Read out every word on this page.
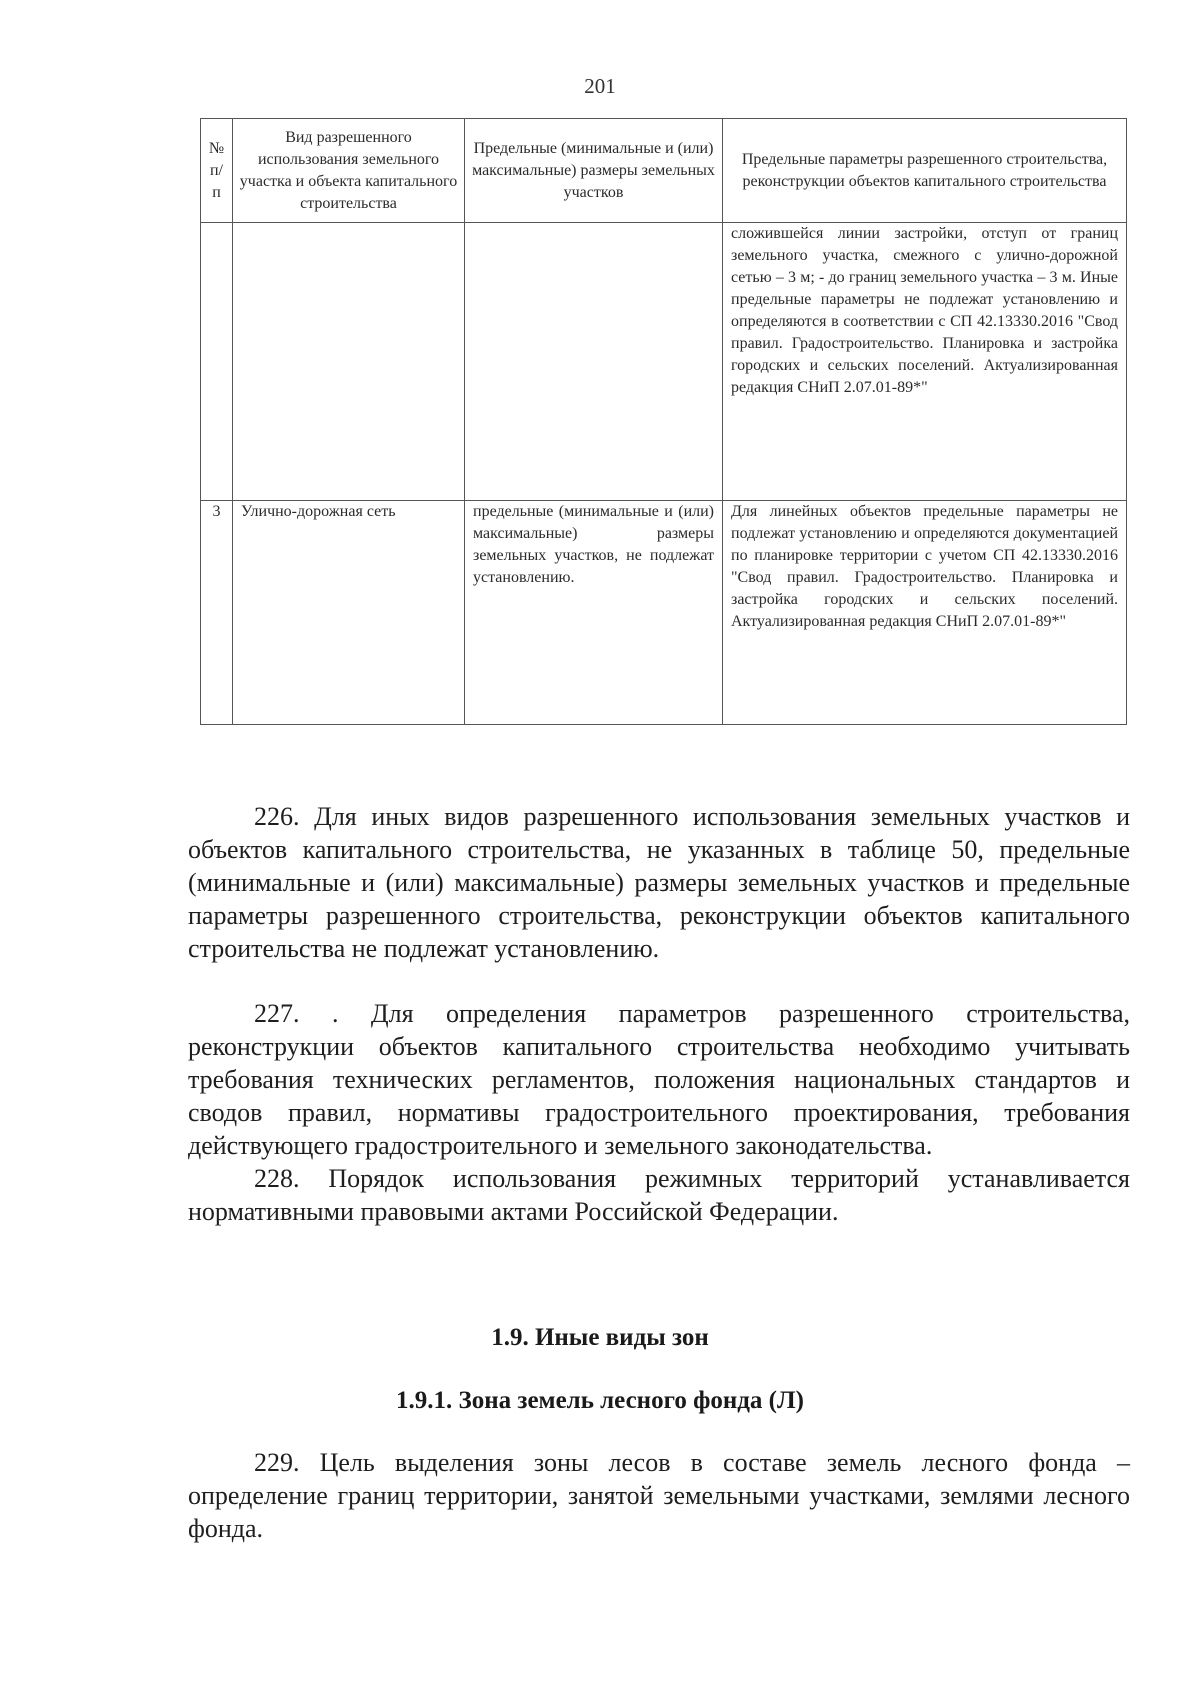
201
№ п/п	Вид разрешенного использования земельного участка и объекта капитального строительства	Предельные (минимальные и (или) максимальные) размеры земельных участков	Предельные параметры разрешенного строительства, реконструкции объектов капитального строительства
			сложившейся линии застройки, отступ от границ земельного участка, смежного с улично-дорожной сетью – 3 м; - до границ земельного участка – 3 м. Иные предельные параметры не подлежат установлению и определяются в соответствии с СП 42.13330.2016 "Свод правил. Градостроительство. Планировка и застройка городских и сельских поселений. Актуализированная редакция СНиП 2.07.01-89*"
3	Улично-дорожная сеть	предельные (минимальные и (или) максимальные) размеры земельных участков, не подлежат установлению.	Для линейных объектов предельные параметры не подлежат установлению и определяются документацией по планировке территории с учетом СП 42.13330.2016 "Свод правил. Градостроительство. Планировка и застройка городских и сельских поселений. Актуализированная редакция СНиП 2.07.01-89*"
226. Для иных видов разрешенного использования земельных участков и объектов капитального строительства, не указанных в таблице 50, предельные (минимальные и (или) максимальные) размеры земельных участков и предельные параметры разрешенного строительства, реконструкции объектов капитального строительства не подлежат установлению.
227. . Для определения параметров разрешенного строительства, реконструкции объектов капитального строительства необходимо учитывать требования технических регламентов, положения национальных стандартов и сводов правил, нормативы градостроительного проектирования, требования действующего градостроительного и земельного законодательства.
228. Порядок использования режимных территорий устанавливается нормативными правовыми актами Российской Федерации.
1.9. Иные виды зон
1.9.1. Зона земель лесного фонда (Л)
229. Цель выделения зоны лесов в составе земель лесного фонда – определение границ территории, занятой земельными участками, землями лесного фонда.
